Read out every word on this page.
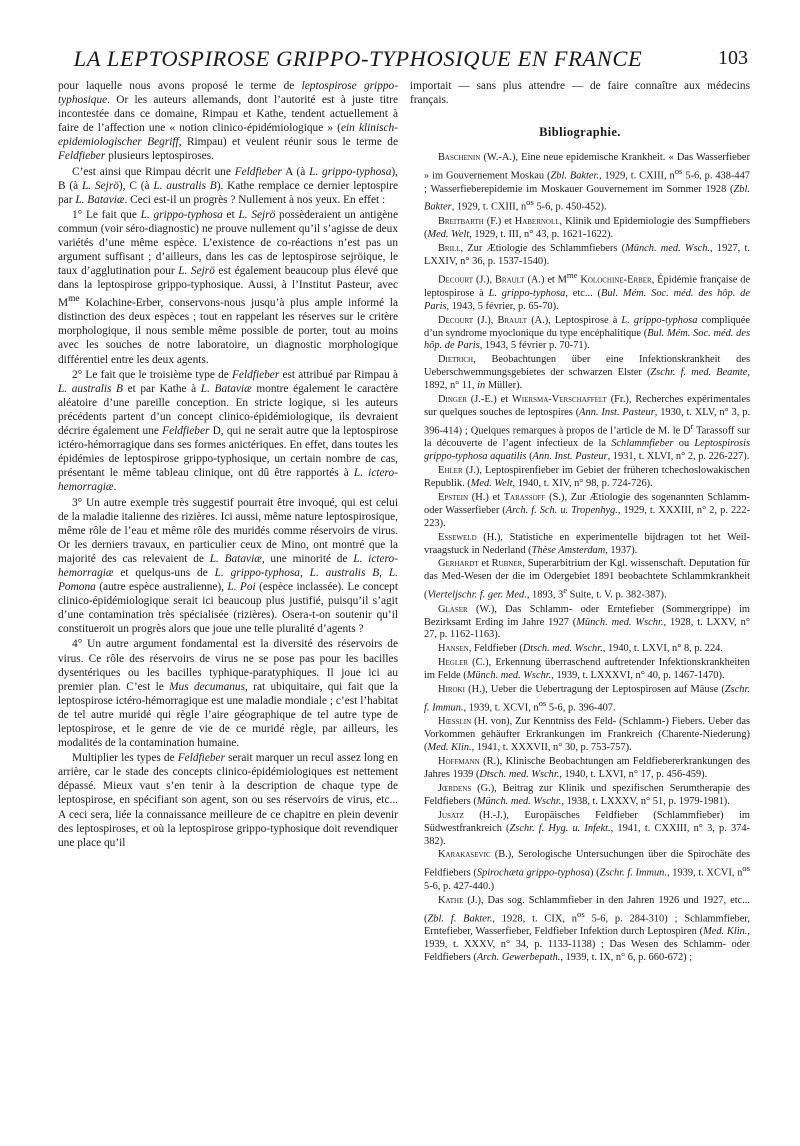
LA LEPTOSPIROSE GRIPPO-TYPHOSIQUE EN FRANCE	103

pour laquelle nous avons proposé le terme de leptospirose grippo-typhosique. Or les auteurs allemands, dont l’autorité est à juste titre incontestée dans ce domaine, Rimpau et Kathe, tendent actuellement à faire de l’affection une « notion clinico-épidémiologique » (ein klinisch-epidemiologischer Begriff, Rimpau) et veulent réunir sous le terme de Feldfieber plusieurs leptospiroses.

C’est ainsi que Rimpau décrit une Feldfieber A (à L. grippo-typhosa), B (à L. Sejrö), C (à L. australis B). Kathe remplace ce dernier leptospire par L. Bataviæ. Ceci est-il un progrès ? Nullement à nos yeux. En effet :

1° Le fait que L. grippo-typhosa et L. Sejrö possèderaient un antigène commun (voir séro-diagnostic) ne prouve nullement qu’il s’agisse de deux variétés d’une même espèce. L’existence de co-réactions n’est pas un argument suffisant ; d’ailleurs, dans les cas de leptospirose sejröique, le taux d’agglutination pour L. Sejrö est également beaucoup plus élevé que dans la leptospirose grippo-typhosique. Aussi, à l’Institut Pasteur, avec $M^{me}$ Kolachine-Erber, conservons-nous jusqu’à plus ample informé la distinction des deux espèces ; tout en rappelant les réserves sur le critère morphologique, il nous semble même possible de porter, tout au moins avec les souches de notre laboratoire, un diagnostic morphologique différentiel entre les deux agents.

2° Le fait que le troisième type de Feldfieber est attribué par Rimpau à L. australis B et par Kathe à L. Bataviæ montre également le caractère aléatoire d’une pareille conception. En stricte logique, si les auteurs précédents partent d’un concept clinico-épidémiologique, ils devraient décrire également une Feldfieber D, qui ne serait autre que la leptospirose ictéro-hémorragique dans ses formes anictériques. En effet, dans toutes les épidémies de leptospirose grippo-typhosique, un certain nombre de cas, présentant le même tableau clinique, ont dû être rapportés à L. ictero-hemorragiæ.

3° Un autre exemple très suggestif pourrait être invoqué, qui est celui de la maladie italienne des rizières. Ici aussi, même nature leptospirosique, même rôle de l’eau et même rôle des muridés comme réservoirs de virus. Or les derniers travaux, en particulier ceux de Mino, ont montré que la majorité des cas relevaient de L. Bataviæ, une minorité de L. ictero-hemorragiæ et quelqus-uns de L. grippo-typhosa, L. australis B, L. Pomona (autre espèce australienne), L. Poi (espèce inclassée). Le concept clinico-épidémiologique serait ici beaucoup plus justifié, puisqu’il s’agit d’une contamination très spécialisée (rizières). Osera-t-on soutenir qu’il constitueroit un progrès alors que joue une telle pluralité d’agents ?

4° Un autre argument fondamental est la diversité des réservoirs de virus. Ce rôle des réservoirs de virus ne se pose pas pour les bacilles dysentériques ou les bacilles typhique-paratyphiques. Il joue ici au premier plan. C’est le Mus decumanus, rat ubiquitaire, qui fait que la leptospirose ictéro-hémorragique est une maladie mondiale ; c’est l’habitat de tel autre muridé qui règle l’aire géographique de tel autre type de leptospirose, et le genre de vie de ce muridé règle, par ailleurs, les modalités de la contamination humaine.

Multiplier les types de Feldfieber serait marquer un recul assez long en arrière, car le stade des concepts clinico-épidémiologiques est nettement dépassé. Mieux vaut s’en tenir à la description de chaque type de leptospirose, en spécifiant son agent, son ou ses réservoirs de virus, etc... A ceci sera, liée la connaissance meilleure de ce chapitre en plein devenir des leptospiroses, et où la leptospirose grippo-typhosique doit revendiquer une place qu’il

importait — sans plus attendre — de faire connaître aux médecins français.

Bibliographie.

Baschenin (W.-A.), Eine neue epidemische Krankheit. « Das Wasserfieber » im Gouvernement Moskau (Zbl. Bakter., 1929, t. CXIII, $n^{os}$ 5-6, p. 438-447 ; Wasserfieberepidemie im Moskauer Gouvernement im Sommer 1928 (Zbl. Bakter, 1929, t. CXIII, $n^{os}$ 5-6, p. 450-452).

Breitbarth (F.) et Habernoll, Klinik und Epidemiologie des Sumpffiebers (Med. Welt, 1929, t. III, n° 43, p. 1621-1622).

Brill, Zur Ætiologie des Schlammfiebers (Münch. med. Wsch., 1927, t. LXXIV, n° 36, p. 1537-1540).

Decourt (J.), Brault (A.) et $M^{me}$ Kolochine-Erber, Épidémie française de leptospirose à L. grippo-typhosa, etc... (Bul. Mém. Soc. méd. des hôp. de Paris, 1943, 5 février, p. 65-70).

Decourt (J.), Brault (A.), Leptospirose à L. grippo-typhosa compliquée d’un syndrome myoclonique du type encéphalitique (Bul. Mém. Soc. méd. des hôp. de Paris, 1943, 5 février p. 70-71).

Dietrich, Beobachtungen über eine Infektionskrankheit des Ueberschwemmungsgebietes der schwarzen Elster (Zschr. f. med. Beamte, 1892, n° 11, in Müller).

Dinger (J.-E.) et Wiersma-Verschaffelt (Fr.), Recherches expérimentales sur quelques souches de leptospires (Ann. Inst. Pasteur, 1930, t. XLV, n° 3, p. 396-414) ; Quelques remarques à propos de l’article de M. le $D^r$ Tarassoff sur la découverte de l’agent infectieux de la Schlammfieber ou Leptospirosis grippo-typhosa aquatilis (Ann. Inst. Pasteur, 1931, t. XLVI, n° 2, p. 226-227).

Ehler (J.), Leptospirenfieber im Gebiet der früheren tchechoslowakischen Republik. (Med. Welt, 1940, t. XIV, n° 98, p. 724-726).

Epstein (H.) et Tarassoff (S.), Zur Ætiologie des sogenannten Schlamm-oder Wasserfieber (Arch. f. Sch. u. Tropenhyg., 1929, t. XXXIII, n° 2, p. 222-223).

Esseweld (H.), Statistiche en experimentelle bijdragen tot het Weil-vraagstuck in Nederland (Thèse Amsterdam, 1937).

Gerhardt et Rubner, Superarbitrium der Kgl. wissenschaft. Deputation für das Med-Wesen der die im Odergebiet 1891 beobachtete Schlammkrankheit (Vierteljschr. f. ger. Med., 1893, 3e Suite, t. V. p. 382-387).

Glaser (W.), Das Schlamm- oder Erntefieber (Sommergrippe) im Bezirksamt Erding im Jahre 1927 (Münch. med. Wschr., 1928, t. LXXV, n° 27, p. 1162-1163).

Hansen, Feldfieber (Dtsch. med. Wschr., 1940, t. LXVI, n° 8, p. 224.

Hegler (C.), Erkennung überraschend auftretender Infektionskrankheiten im Felde (Münch. med. Wschr., 1939, t. LXXXVI, n° 40, p. 1467-1470).

Hiroki (H.), Ueber die Uebertragung der Leptospirosen auf Mäuse (Zschr. f. Immun., 1939, t. XCVI, $n^{os}$ 5-6, p. 396-407.

Hœsslin (H. von), Zur Kenntniss des Feld- (Schlamm-) Fiebers. Ueber das Vorkommen gehäufter Erkrankungen im Frankreich (Charente-Niederung) (Med. Klin., 1941, t. XXXVII, n° 30, p. 753-757).

Hoffmann (R.), Klinische Beobachtungen am Feldfiebererkrankungen des Jahres 1939 (Dtsch. med. Wschr., 1940, t. LXVI, n° 17, p. 456-459).

Jœrdens (G.), Beitrag zur Klinik und spezifischen Serumtherapie des Feldfiebers (Münch. med. Wschr., 1938, t. LXXXV, n° 51, p. 1979-1981).

Jusatz (H.-J.), Europäisches Feldfieber (Schlammfieber) im Südwestfrankreich (Zschr. f. Hyg. u. Infekt., 1941, t. CXXIII, n° 3, p. 374-382).

Karakasevic (B.), Serologische Untersuchungen über die Spirochäte des Feldfiebers (Spirochæta grippo-typhosa) (Zschr. f. Immun., 1939, t. XCVI, $n^{os}$ 5-6, p. 427-440.)

Kathe (J.), Das sog. Schlammfieber in den Jahren 1926 und 1927, etc... (Zbl. f. Bakter., 1928, t. CIX, $n^{os}$ 5-6, p. 284-310) ; Schlammfieber, Erntefieber, Wasserfieber, Feldfieber Infektion durch Leptospiren (Med. Klin., 1939, t. XXXV, n° 34, p. 1133-1138) ; Das Wesen des Schlamm- oder Feldfiebers (Arch. Gewerbepath., 1939, t. IX, n° 6, p. 660-672) ;
